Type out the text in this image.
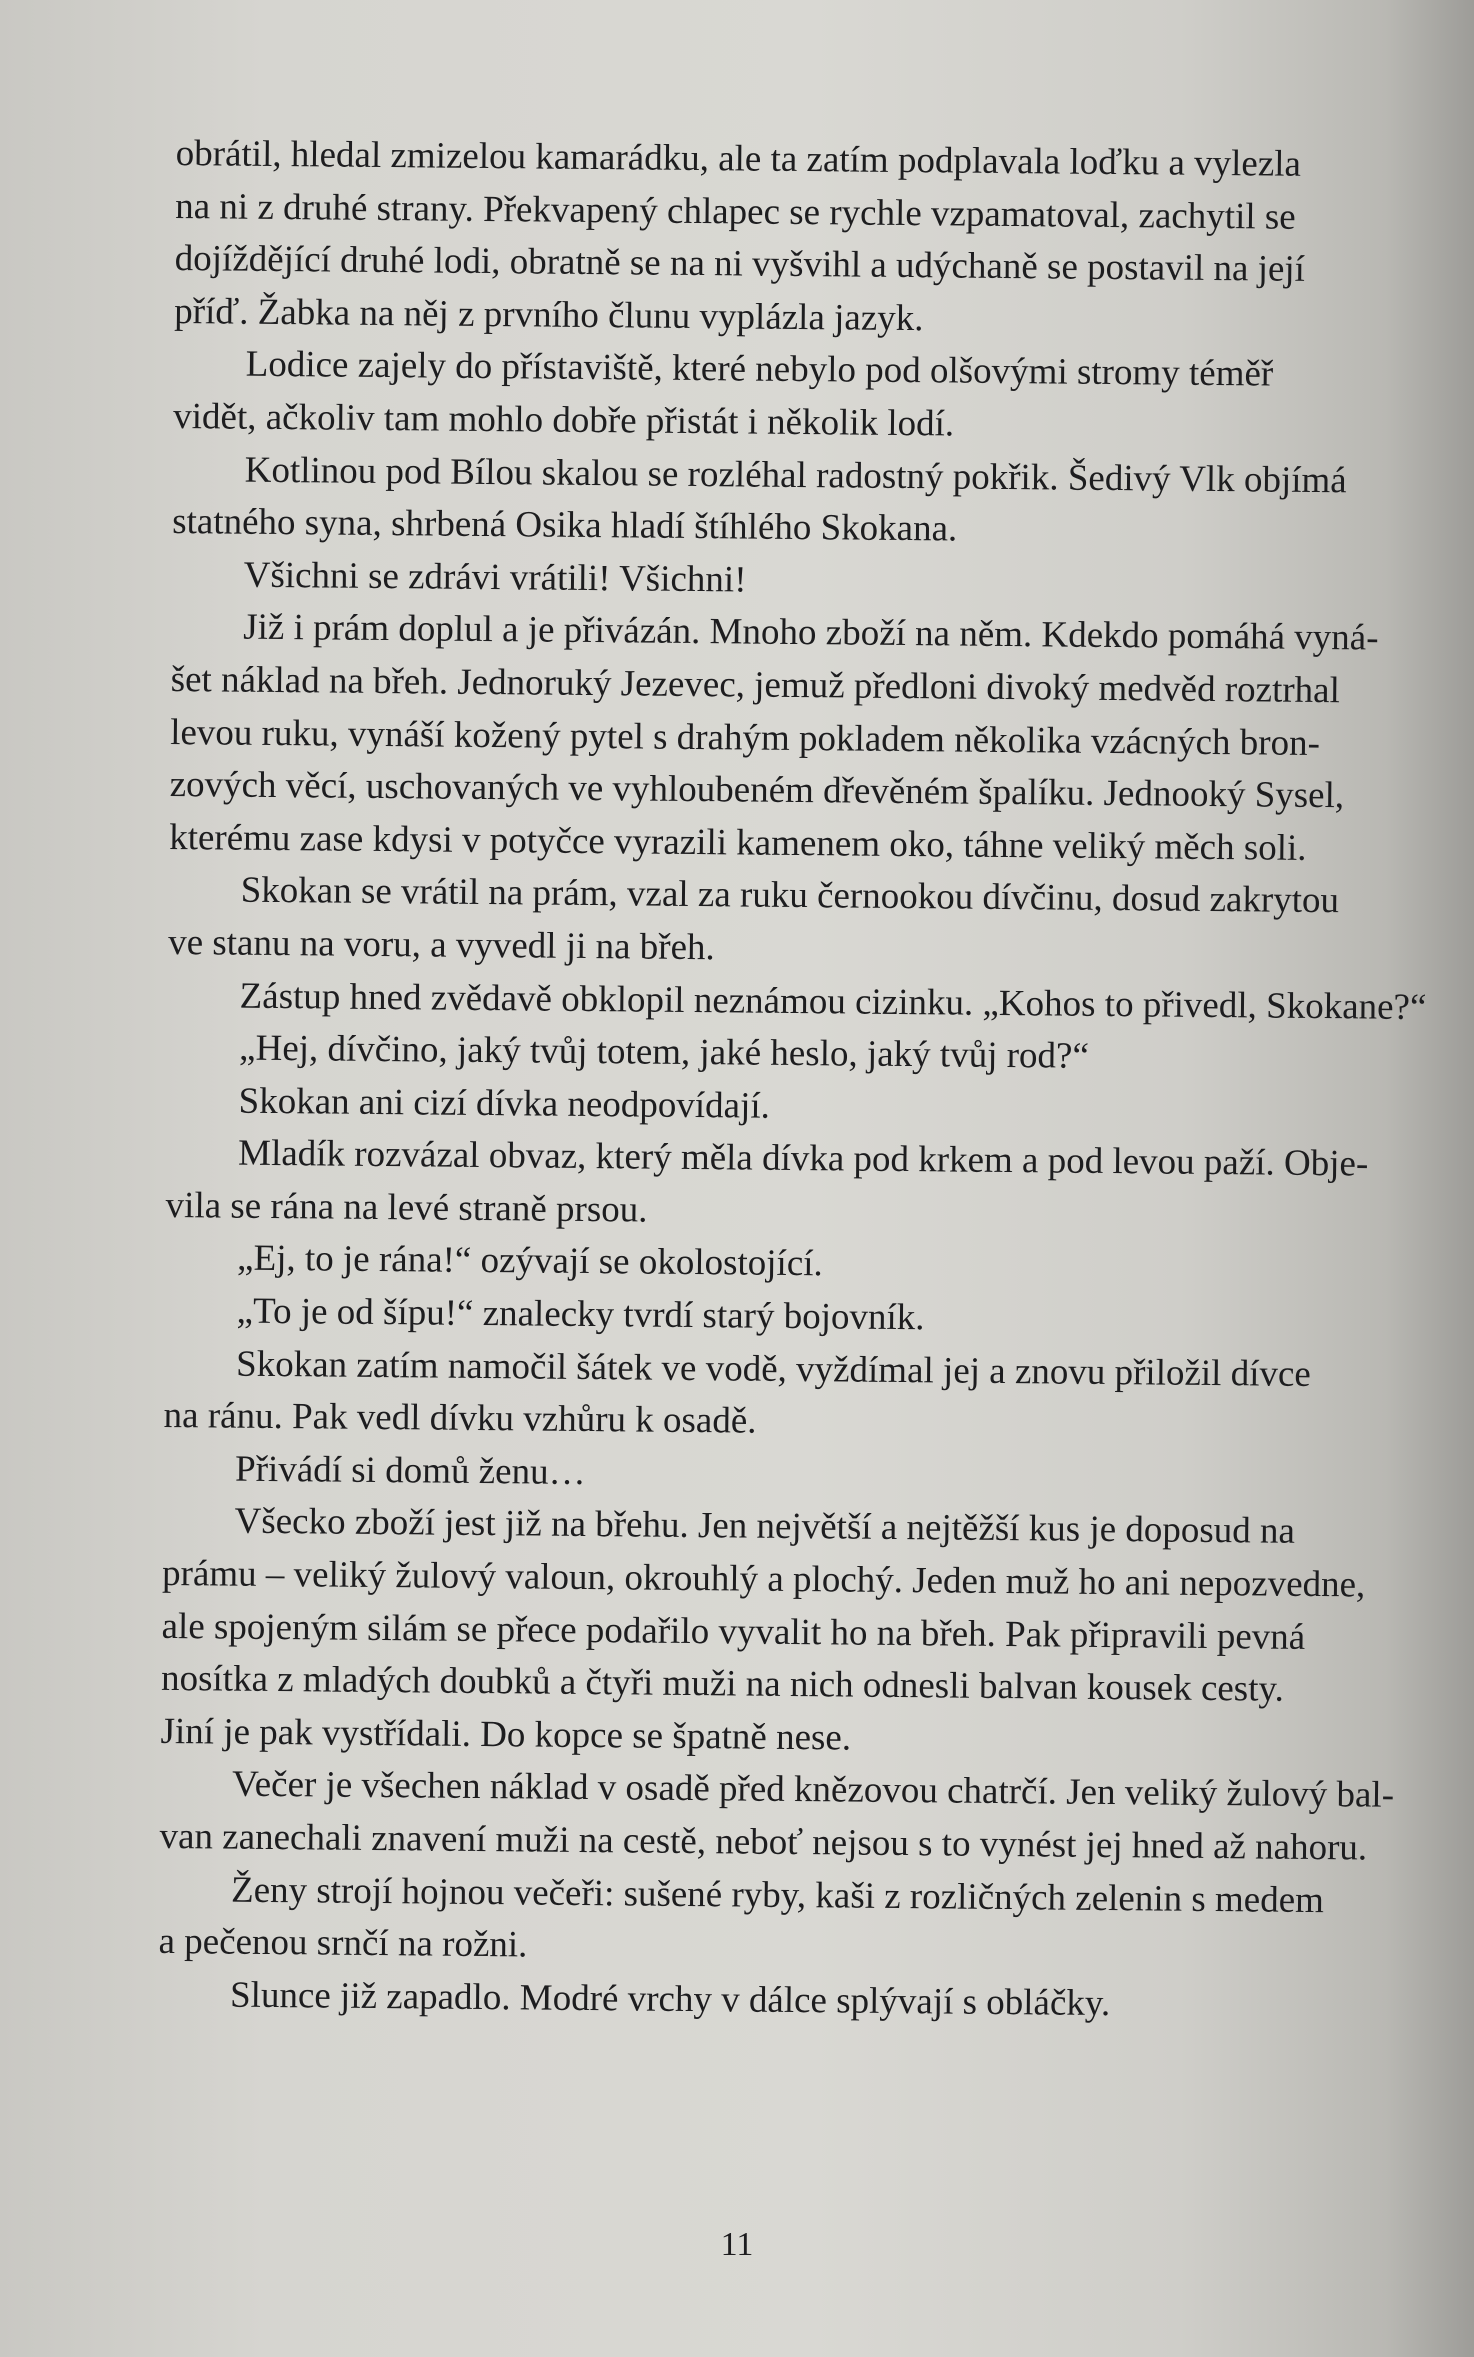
obrátil, hledal zmizelou kamarádku, ale ta zatím podplavala loďku a vylezla

na ni z druhé strany. Překvapený chlapec se rychle vzpamatoval, zachytil se

dojíždějící druhé lodi, obratně se na ni vyšvihl a udýchaně se postavil na její

příď. Žabka na něj z prvního člunu vyplázla jazyk.

Lodice zajely do přístaviště, které nebylo pod olšovými stromy téměř

vidět, ačkoliv tam mohlo dobře přistát i několik lodí.

Kotlinou pod Bílou skalou se rozléhal radostný pokřik. Šedivý Vlk objímá

statného syna, shrbená Osika hladí štíhlého Skokana.

Všichni se zdrávi vrátili! Všichni!

Již i prám doplul a je přivázán. Mnoho zboží na něm. Kdekdo pomáhá vyná-

šet náklad na břeh. Jednoruký Jezevec, jemuž předloni divoký medvěd roztrhal

levou ruku, vynáší kožený pytel s drahým pokladem několika vzácných bron-

zových věcí, uschovaných ve vyhloubeném dřevěném špalíku. Jednooký Sysel,

kterému zase kdysi v potyčce vyrazili kamenem oko, táhne veliký měch soli.

Skokan se vrátil na prám, vzal za ruku černookou dívčinu, dosud zakrytou

ve stanu na voru, a vyvedl ji na břeh.

Zástup hned zvědavě obklopil neznámou cizinku. „Kohos to přivedl, Skokane?“

„Hej, dívčino, jaký tvůj totem, jaké heslo, jaký tvůj rod?“

Skokan ani cizí dívka neodpovídají.

Mladík rozvázal obvaz, který měla dívka pod krkem a pod levou paží. Obje-

vila se rána na levé straně prsou.

„Ej, to je rána!“ ozývají se okolostojící.

„To je od šípu!“ znalecky tvrdí starý bojovník.

Skokan zatím namočil šátek ve vodě, vyždímal jej a znovu přiložil dívce

na ránu. Pak vedl dívku vzhůru k osadě.

Přivádí si domů ženu…

Všecko zboží jest již na břehu. Jen největší a nejtěžší kus je doposud na

prámu – veliký žulový valoun, okrouhlý a plochý. Jeden muž ho ani nepozvedne,

ale spojeným silám se přece podařilo vyvalit ho na břeh. Pak připravili pevná

nosítka z mladých doubků a čtyři muži na nich odnesli balvan kousek cesty.

Jiní je pak vystřídali. Do kopce se špatně nese.

Večer je všechen náklad v osadě před knězovou chatrčí. Jen veliký žulový bal-

van zanechali znavení muži na cestě, neboť nejsou s to vynést jej hned až nahoru.

Ženy strojí hojnou večeři: sušené ryby, kaši z rozličných zelenin s medem

a pečenou srnčí na rožni.

Slunce již zapadlo. Modré vrchy v dálce splývají s obláčky.

11
